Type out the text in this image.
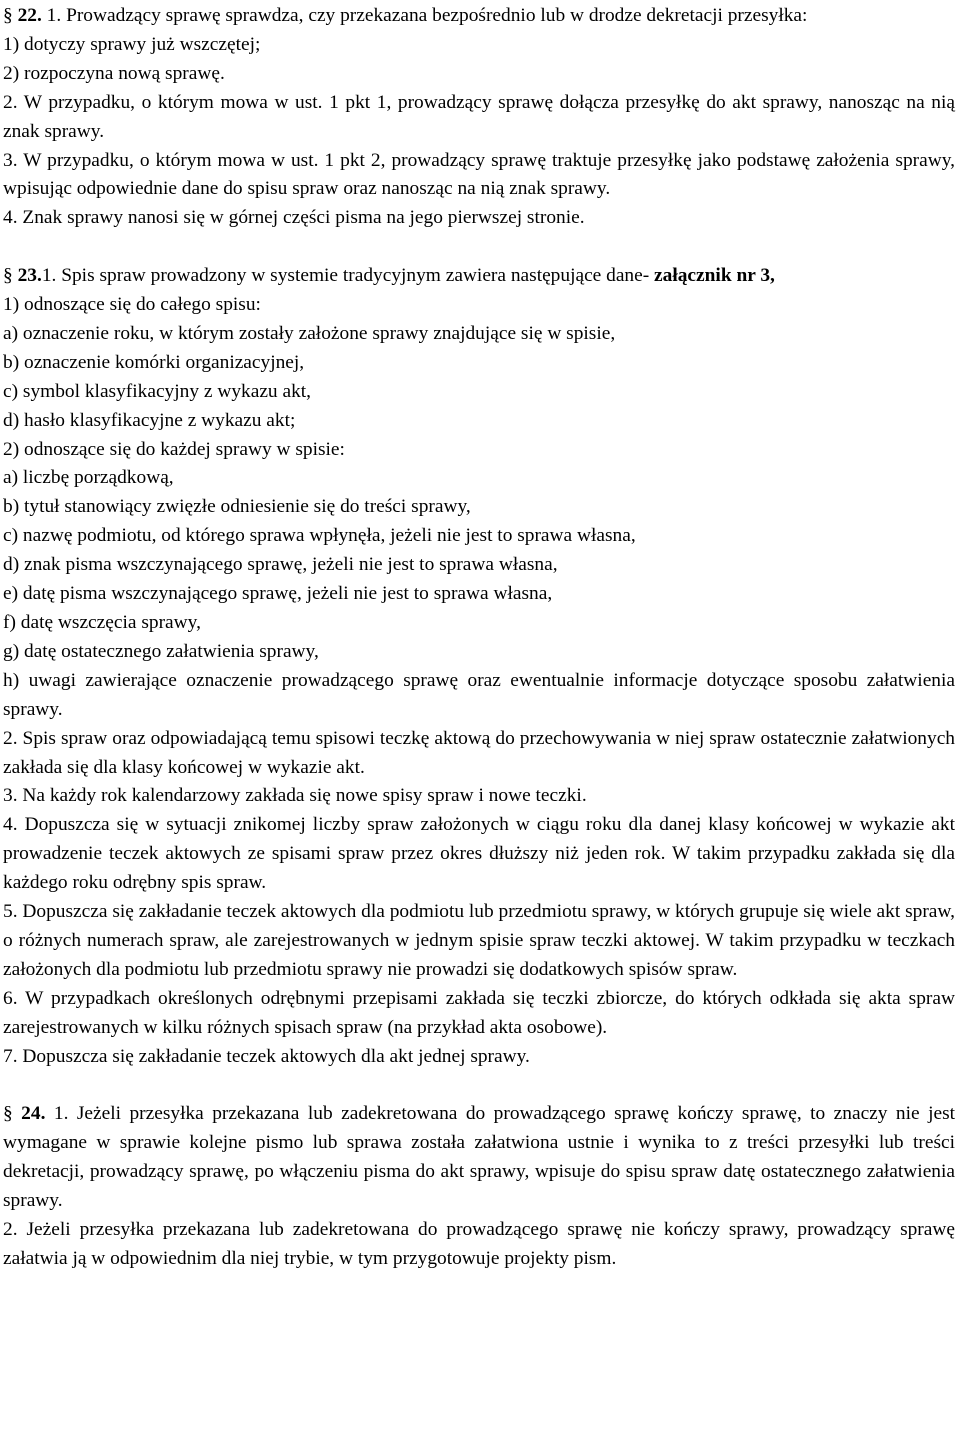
§ 22. 1. Prowadzący sprawę sprawdza, czy przekazana bezpośrednio lub w drodze dekretacji przesyłka:

1) dotyczy sprawy już wszczętej;

2) rozpoczyna nową sprawę.

2. W przypadku, o którym mowa w ust. 1 pkt 1, prowadzący sprawę dołącza przesyłkę do akt sprawy, nanosząc na nią znak sprawy.

3. W przypadku, o którym mowa w ust. 1 pkt 2, prowadzący sprawę traktuje przesyłkę jako podstawę założenia sprawy, wpisując odpowiednie dane do spisu spraw oraz nanosząc na nią znak sprawy.

4. Znak sprawy nanosi się w górnej części pisma na jego pierwszej stronie.

§ 23.1. Spis spraw prowadzony w systemie tradycyjnym zawiera następujące dane- załącznik nr 3,

1) odnoszące się do całego spisu:

a) oznaczenie roku, w którym zostały założone sprawy znajdujące się w spisie,

b) oznaczenie komórki organizacyjnej,

c) symbol klasyfikacyjny z wykazu akt,

d) hasło klasyfikacyjne z wykazu akt;

2) odnoszące się do każdej sprawy w spisie:

a) liczbę porządkową,

b) tytuł stanowiący zwięzłe odniesienie się do treści sprawy,

c) nazwę podmiotu, od którego sprawa wpłynęła, jeżeli nie jest to sprawa własna,

d) znak pisma wszczynającego sprawę, jeżeli nie jest to sprawa własna,

e) datę pisma wszczynającego sprawę, jeżeli nie jest to sprawa własna,

f) datę wszczęcia sprawy,

g) datę ostatecznego załatwienia sprawy,

h) uwagi zawierające oznaczenie prowadzącego sprawę oraz ewentualnie informacje dotyczące sposobu załatwienia sprawy.

2. Spis spraw oraz odpowiadającą temu spisowi teczkę aktową do przechowywania w niej spraw ostatecznie załatwionych zakłada się dla klasy końcowej w wykazie akt.

3. Na każdy rok kalendarzowy zakłada się nowe spisy spraw i nowe teczki.

4. Dopuszcza się w sytuacji znikomej liczby spraw założonych w ciągu roku dla danej klasy końcowej w wykazie akt prowadzenie teczek aktowych ze spisami spraw przez okres dłuższy niż jeden rok. W takim przypadku zakłada się dla każdego roku odrębny spis spraw.

5. Dopuszcza się zakładanie teczek aktowych dla podmiotu lub przedmiotu sprawy, w których grupuje się wiele akt spraw, o różnych numerach spraw, ale zarejestrowanych w jednym spisie spraw teczki aktowej. W takim przypadku w teczkach założonych dla podmiotu lub przedmiotu sprawy nie prowadzi się dodatkowych spisów spraw.

6. W przypadkach określonych odrębnymi przepisami zakłada się teczki zbiorcze, do których odkłada się akta spraw zarejestrowanych w kilku różnych spisach spraw (na przykład akta osobowe).

7. Dopuszcza się zakładanie teczek aktowych dla akt jednej sprawy.

§ 24. 1. Jeżeli przesyłka przekazana lub zadekretowana do prowadzącego sprawę kończy sprawę, to znaczy nie jest wymagane w sprawie kolejne pismo lub sprawa została załatwiona ustnie i wynika to z treści przesyłki lub treści dekretacji, prowadzący sprawę, po włączeniu pisma do akt sprawy, wpisuje do spisu spraw datę ostatecznego załatwienia sprawy.

2. Jeżeli przesyłka przekazana lub zadekretowana do prowadzącego sprawę nie kończy sprawy, prowadzący sprawę załatwia ją w odpowiednim dla niej trybie, w tym przygotowuje projekty pism.
